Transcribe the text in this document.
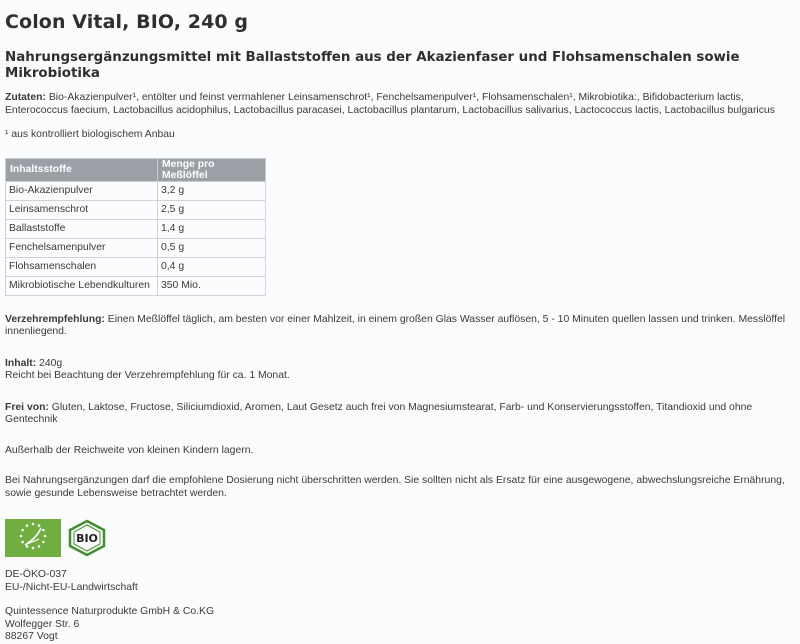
Colon Vital, BIO, 240 g
Nahrungsergänzungsmittel mit Ballaststoffen aus der Akazienfaser und Flohsamenschalen sowie Mikrobiotika

Zutaten: Bio-Akazienpulver¹, entölter und feinst vermahlener Leinsamenschrot¹, Fenchelsamenpulver¹, Flohsamenschalen¹, Mikrobiotika:, Bifidobacterium lactis, Enterococcus faecium, Lactobacillus acidophilus, Lactobacillus paracasei, Lactobacillus plantarum, Lactobacillus salivarius, Lactococcus lactis, Lactobacillus bulgaricus

¹ aus kontrolliert biologischem Anbau

Inhaltsstoffe	Menge pro Meßlöffel
Bio-Akazienpulver	3,2 g
Leinsamenschrot	2,5 g
Ballaststoffe	1,4 g
Fenchelsamenpulver	0,5 g
Flohsamenschalen	0,4 g
Mikrobiotische Lebendkulturen	350 Mio.

Verzehrempfehlung: Einen Meßlöffel täglich, am besten vor einer Mahlzeit, in einem großen Glas Wasser auflösen, 5 - 10 Minuten quellen lassen und trinken. Messlöffel innenliegend.

Inhalt: 240g
Reicht bei Beachtung der Verzehrempfehlung für ca. 1 Monat.

Frei von: Gluten, Laktose, Fructose, Siliciumdioxid, Aromen, Laut Gesetz auch frei von Magnesiumstearat, Farb- und Konservierungsstoffen, Titandioxid und ohne Gentechnik

Außerhalb der Reichweite von kleinen Kindern lagern.

Bei Nahrungsergänzungen darf die empfohlene Dosierung nicht überschritten werden. Sie sollten nicht als Ersatz für eine ausgewogene, abwechslungsreiche Ernährung, sowie gesunde Lebensweise betrachtet werden.

BIO

DE-ÖKO-037
EU-/Nicht-EU-Landwirtschaft

Quintessence Naturprodukte GmbH & Co.KG
Wolfegger Str. 6
88267 Vogt
